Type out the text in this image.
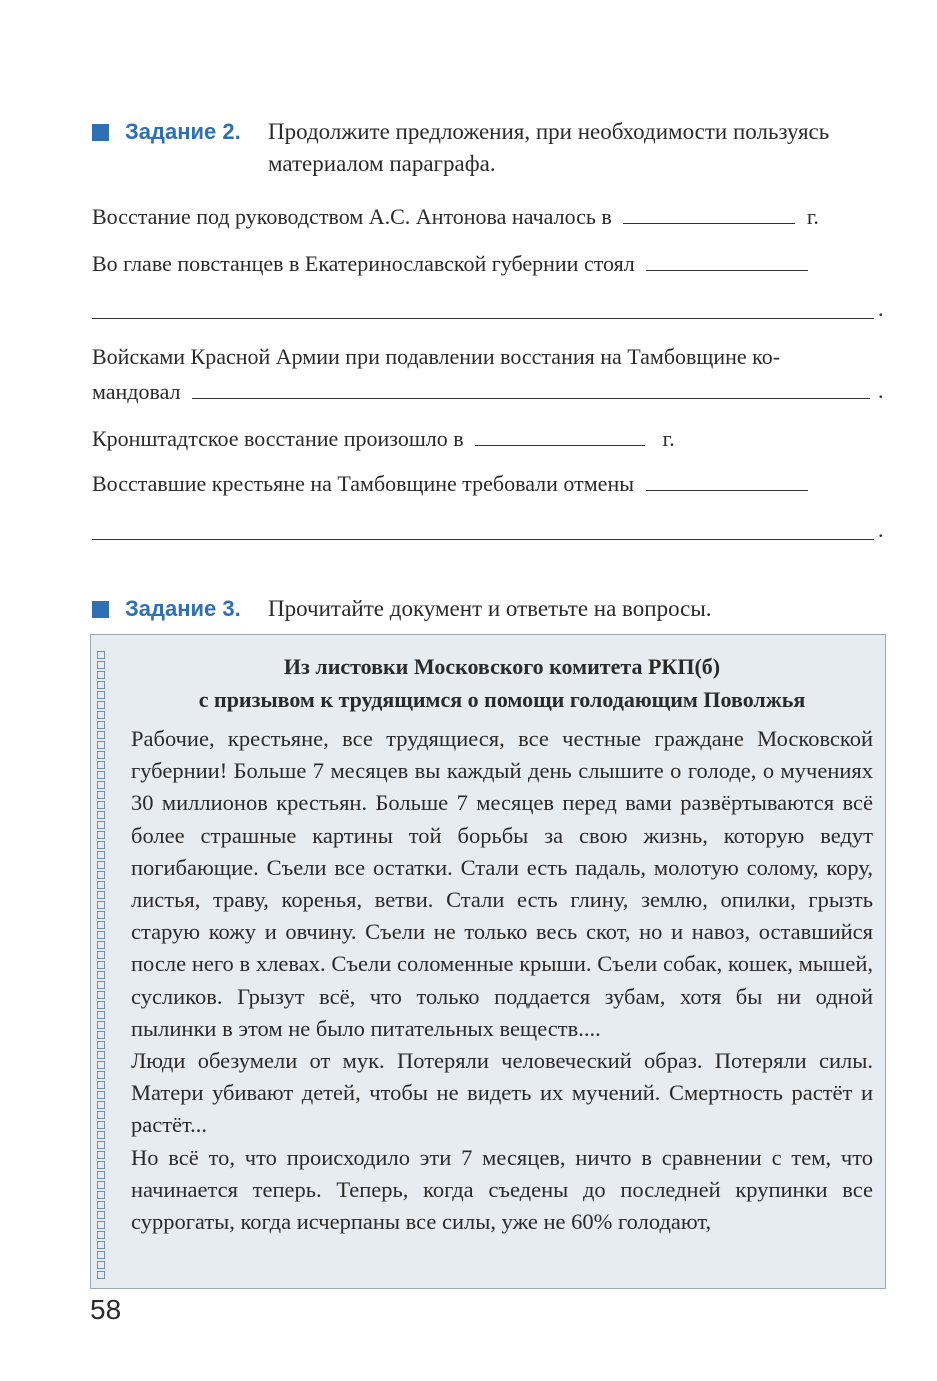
Задание 2. Продолжите предложения, при необходимости пользуясь
материалом параграфа.
Восстание под руководством А.С. Антонова началось в	г.
Во главе повстанцев в Екатеринославской губернии стоял
.
Войсками Красной Армии при подавлении восстания на Тамбовщине ко-
мандовал	.
Кронштадтское восстание произошло в	г.
Восставшие крестьяне на Тамбовщине требовали отмены
.
Задание 3. Прочитайте документ и ответьте на вопросы.
Из листовки Московского комитета РКП(б)
с призывом к трудящимся о помощи голодающим Поволжья

Рабочие, крестьяне, все трудящиеся, все честные граждане Московской губернии! Больше 7 месяцев вы каждый день слышите о голоде, о мучениях 30 миллионов крестьян. Больше 7 месяцев перед вами развёртываются всё более страшные картины той борьбы за свою жизнь, которую ведут погибающие. Съели все остатки. Стали есть падаль, молотую солому, кору, листья, траву, коренья, ветви. Стали есть глину, землю, опилки, грызть старую кожу и овчину. Съели не только весь скот, но и навоз, оставшийся после него в хлевах. Съели соломенные крыши. Съели собак, кошек, мышей, сусликов. Грызут всё, что только поддается зубам, хотя бы ни одной пылинки в этом не было питательных веществ....

Люди обезумели от мук. Потеряли человеческий образ. Потеряли силы. Матери убивают детей, чтобы не видеть их мучений. Смертность растёт и растёт...

Но всё то, что происходило эти 7 месяцев, ничто в сравнении с тем, что начинается теперь. Теперь, когда съедены до последней крупинки все суррогаты, когда исчерпаны все силы, уже не 60% голодают,

58
